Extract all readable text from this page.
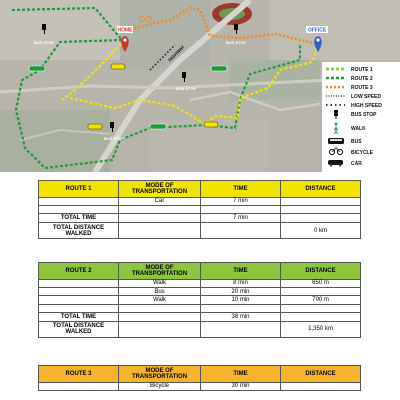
HOME	OFFICE
HIGHWAY
BUS STOP	BUS STOP
BUS STOP
BUS STOP
ROUTE 1
ROUTE 2
ROUTE 3
LOW SPEED
HIGH SPEED
BUS STOP
WALK
BUS
BICYCLE
CAR
ROUTE 1	MODE OF TRANSPORTATION	TIME	DISTANCE
	Car	7 min	

TOTAL TIME		7 min	
TOTAL DISTANCE WALKED			0 km
ROUTE 2	MODE OF TRANSPORTATION	TIME	DISTANCE
	Walk	8 min	650 m
	Bus	20 min	
	Walk	10 min	700 m

TOTAL TIME		38 min	
TOTAL DISTANCE WALKED			1,350 km
ROUTE 3	MODE OF TRANSPORTATION	TIME	DISTANCE
	Bicycle	30 min	
